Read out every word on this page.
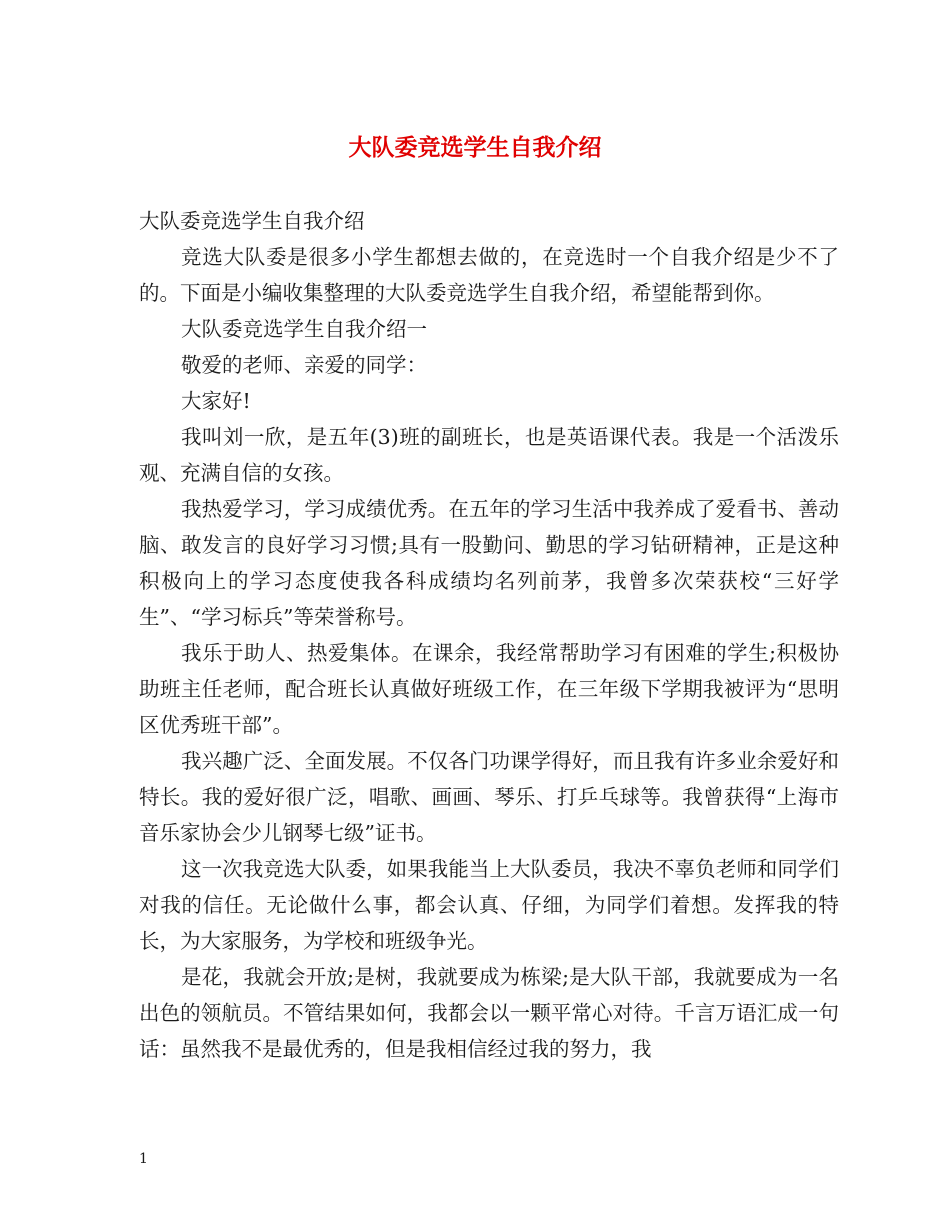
大队委竞选学生自我介绍

大队委竞选学生自我介绍

竞选大队委是很多小学生都想去做的，在竞选时一个自我介绍是少不了的。下面是小编收集整理的大队委竞选学生自我介绍，希望能帮到你。

大队委竞选学生自我介绍一

敬爱的老师、亲爱的同学：

大家好!

我叫刘一欣，是五年(3)班的副班长，也是英语课代表。我是一个活泼乐观、充满自信的女孩。

我热爱学习，学习成绩优秀。在五年的学习生活中我养成了爱看书、善动脑、敢发言的良好学习习惯;具有一股勤问、勤思的学习钻研精神，正是这种积极向上的学习态度使我各科成绩均名列前茅，我曾多次荣获校“三好学生”、“学习标兵”等荣誉称号。

我乐于助人、热爱集体。在课余，我经常帮助学习有困难的学生;积极协助班主任老师，配合班长认真做好班级工作，在三年级下学期我被评为“思明区优秀班干部”。

我兴趣广泛、全面发展。不仅各门功课学得好，而且我有许多业余爱好和特长。我的爱好很广泛，唱歌、画画、琴乐、打乒乓球等。我曾获得“上海市音乐家协会少儿钢琴七级”证书。

这一次我竞选大队委，如果我能当上大队委员，我决不辜负老师和同学们对我的信任。无论做什么事，都会认真、仔细，为同学们着想。发挥我的特长，为大家服务，为学校和班级争光。

是花，我就会开放;是树，我就要成为栋梁;是大队干部，我就要成为一名出色的领航员。不管结果如何，我都会以一颗平常心对待。千言万语汇成一句话：虽然我不是最优秀的，但是我相信经过我的努力，我

1
